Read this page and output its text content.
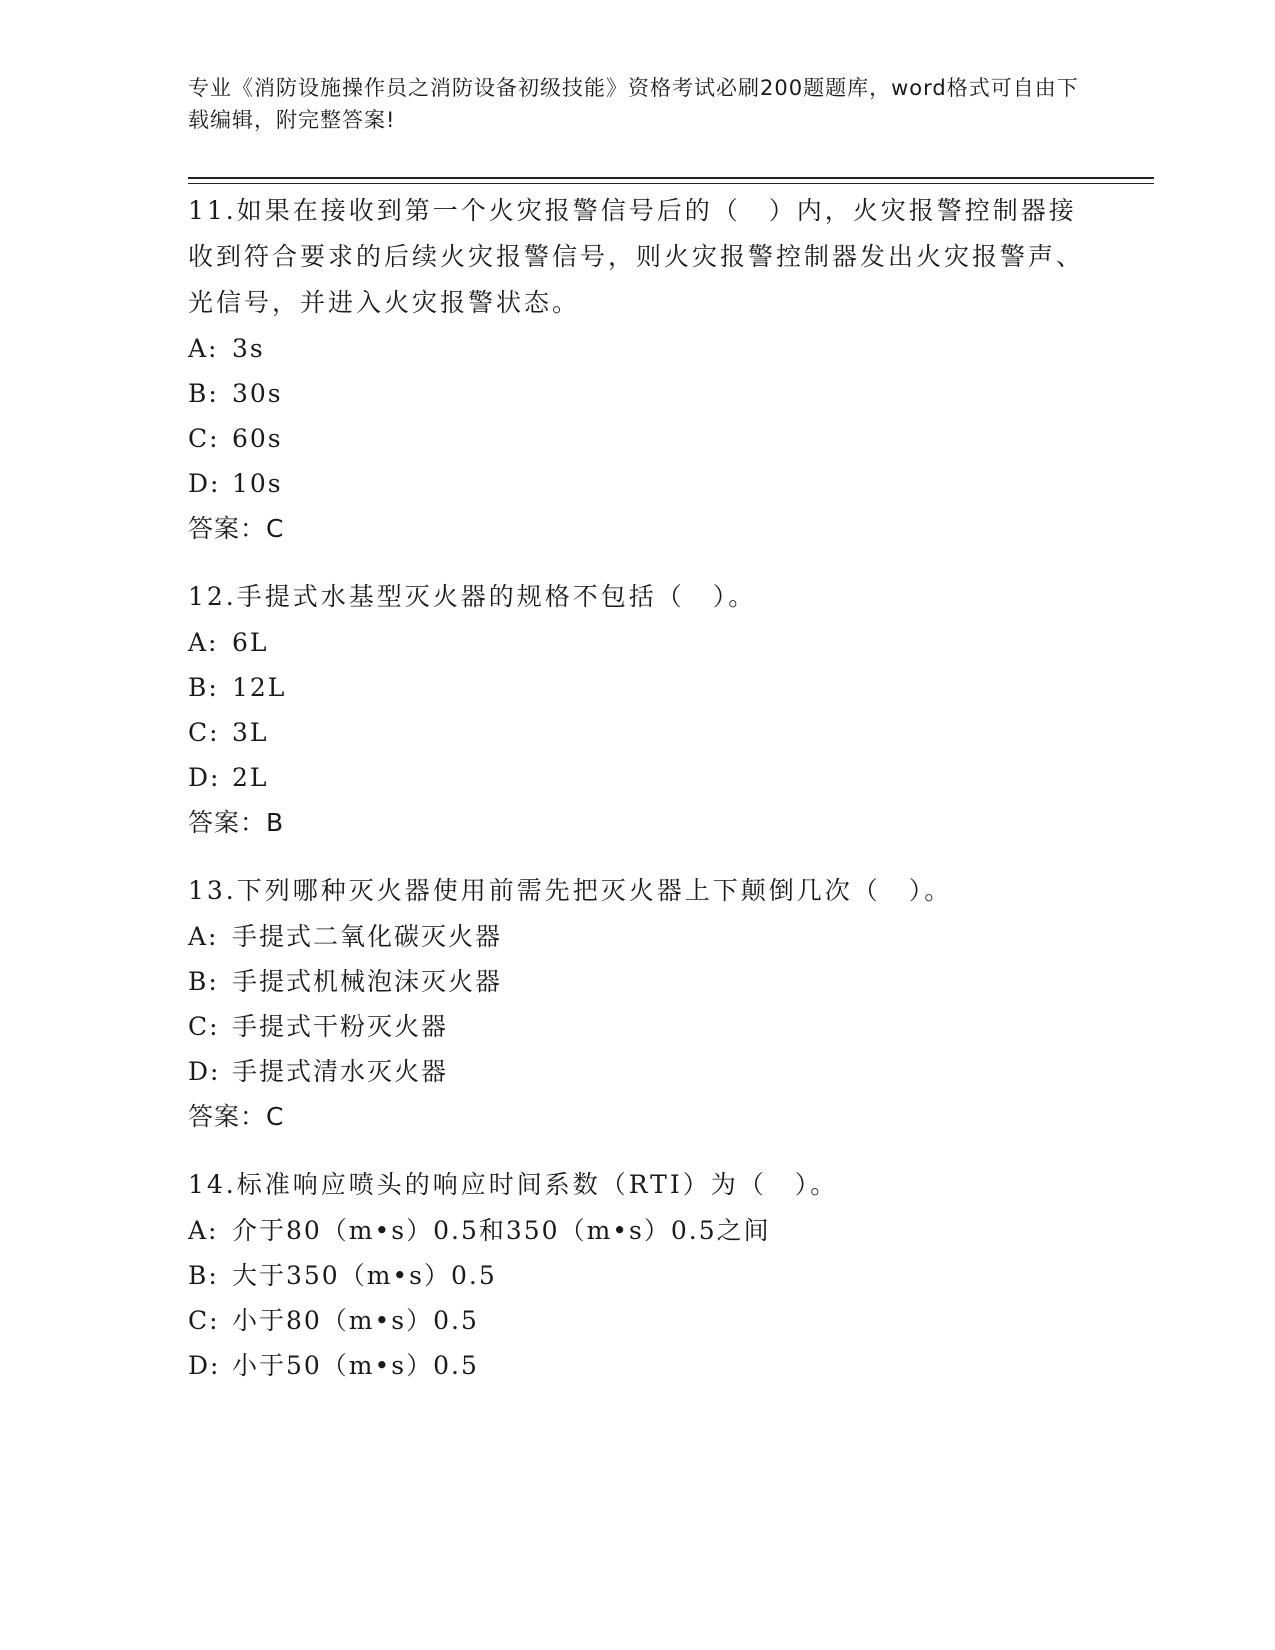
专业《消防设施操作员之消防设备初级技能》资格考试必刷200题题库，word格式可自由下载编辑，附完整答案!

11.如果在接收到第一个火灾报警信号后的（　）内，火灾报警控制器接收到符合要求的后续火灾报警信号，则火灾报警控制器发出火灾报警声、光信号，并进入火灾报警状态。

A: 3s

B: 30s

C: 60s

D: 10s

答案：C

12.手提式水基型灭火器的规格不包括（　）。

A: 6L

B: 12L

C: 3L

D: 2L

答案：B

13.下列哪种灭火器使用前需先把灭火器上下颠倒几次（　）。

A: 手提式二氧化碳灭火器

B: 手提式机械泡沫灭火器

C: 手提式干粉灭火器

D: 手提式清水灭火器

答案：C

14.标准响应喷头的响应时间系数（RTI）为（　）。

A: 介于80（m•s）0.5和350（m•s）0.5之间

B: 大于350（m•s）0.5

C: 小于80（m•s）0.5

D: 小于50（m•s）0.5
